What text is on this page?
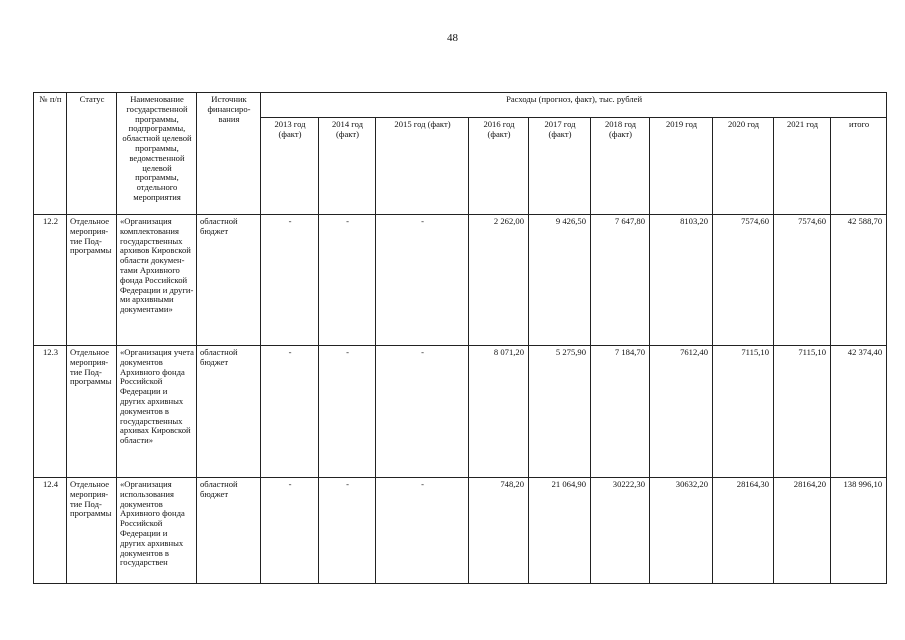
48
№ п/п	Статус	Наименование государственной программы, подпрограммы, областной целевой программы, ведомственной целевой программы, отдельного мероприятия	Источник финансирования	Расходы (прогноз, факт), тыс. рублей									
				2013 год (факт)	2014 год (факт)	2015 год (факт)	2016 год (факт)	2017 год (факт)	2018 год (факт)	2019 год	2020 год	2021 год	итого
12.2	Отдельное мероприятие Подпрограммы	«Организация комплектования государственных архивов Кировской области документами Архивного фонда Российской Федерации и другими архивными документами»	областной бюджет	-	-	-	2 262,00	9 426,50	7 647,80	8103,20	7574,60	7574,60	42 588,70
12.3	Отдельное мероприятие Подпрограммы	«Организация учета документов Архивного фонда Российской Федерации и других архивных документов в государственных архивах Кировской области»	областной бюджет	-	-	-	8 071,20	5 275,90	7 184,70	7612,40	7115,10	7115,10	42 374,40
12.4	Отдельное мероприятие Подпрограммы	«Организация использования документов Архивного фонда Российской Федерации и других архивных документов в государствен	областной бюджет	-	-	-	748,20	21 064,90	30222,30	30632,20	28164,30	28164,20	138 996,10
